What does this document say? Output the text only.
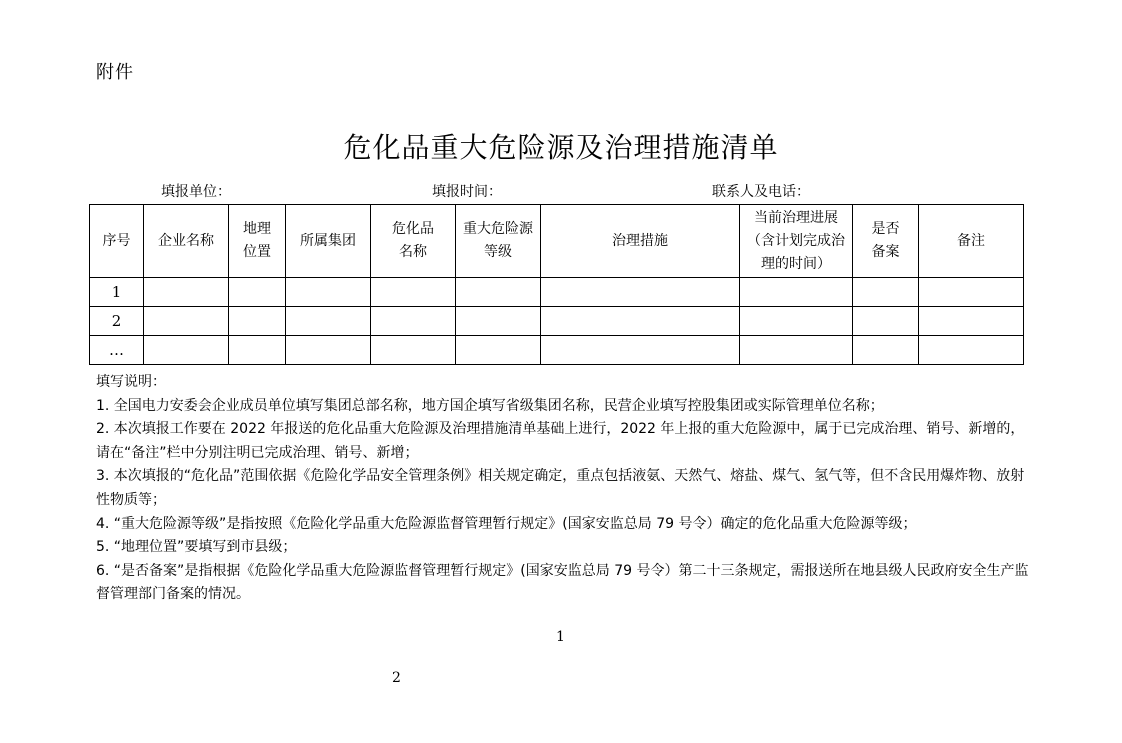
附件
危化品重大危险源及治理措施清单
填报单位：	填报时间：	联系人及电话：
序号	企业名称	地理位置	所属集团	危化品名称	重大危险源等级	治理措施	当前治理进展（含计划完成治理的时间）	是否备案	备注
1									
2									
…									
填写说明：
1. 全国电力安委会企业成员单位填写集团总部名称，地方国企填写省级集团名称，民营企业填写控股集团或实际管理单位名称；
2. 本次填报工作要在 2022 年报送的危化品重大危险源及治理措施清单基础上进行，2022 年上报的重大危险源中，属于已完成治理、销号、新增的，请在“备注”栏中分别注明已完成治理、销号、新增；
3. 本次填报的“危化品”范围依据《危险化学品安全管理条例》相关规定确定，重点包括液氨、天然气、熔盐、煤气、氢气等，但不含民用爆炸物、放射性物质等；
4. “重大危险源等级”是指按照《危险化学品重大危险源监督管理暂行规定》(国家安监总局 79 号令）确定的危化品重大危险源等级；
5. “地理位置”要填写到市县级；
6. “是否备案”是指根据《危险化学品重大危险源监督管理暂行规定》(国家安监总局 79 号令）第二十三条规定，需报送所在地县级人民政府安全生产监督管理部门备案的情况。
1
2
